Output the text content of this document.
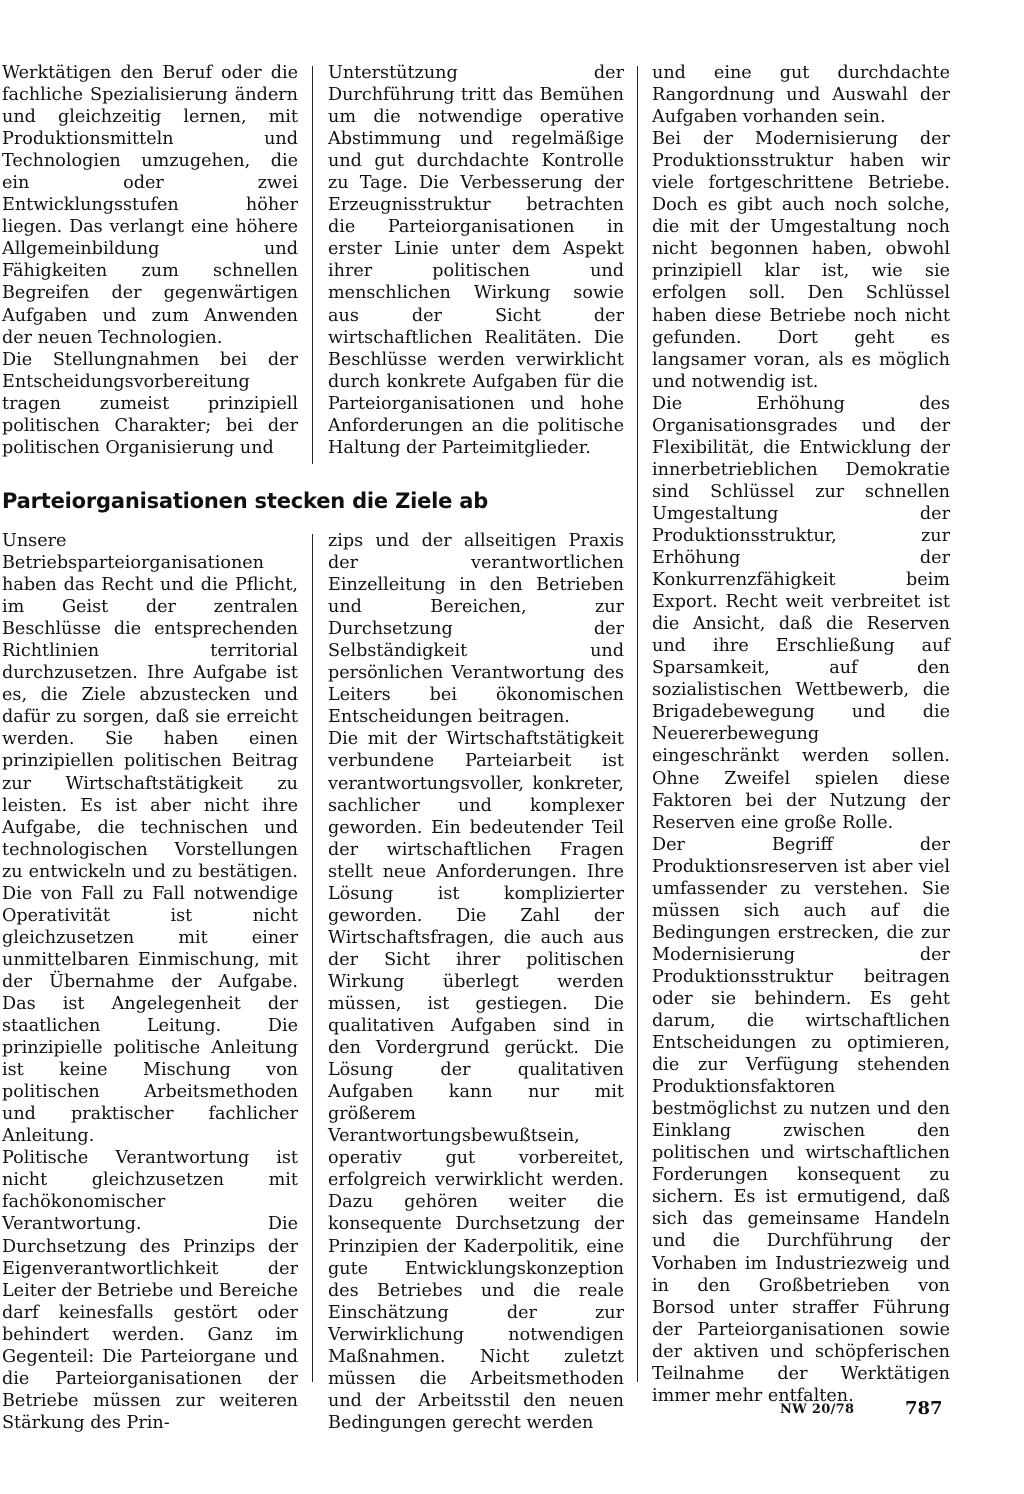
Werktätigen den Beruf oder die fachliche Spezialisierung ändern und gleichzeitig lernen, mit Produktionsmitteln und Technologien umzugehen, die ein oder zwei Entwicklungsstufen höher liegen. Das verlangt eine höhere Allgemeinbildung und Fähigkeiten zum schnellen Begreifen der gegenwärtigen Aufgaben und zum Anwenden der neuen Technologien.

Die Stellungnahmen bei der Entscheidungsvorbereitung tragen zumeist prinzipiell politischen Charakter; bei der politischen Organisierung und

Unterstützung der Durchführung tritt das Bemühen um die notwendige operative Abstimmung und regelmäßige und gut durchdachte Kontrolle zu Tage. Die Verbesserung der Erzeugnisstruktur betrachten die Parteiorganisationen in erster Linie unter dem Aspekt ihrer politischen und menschlichen Wirkung sowie aus der Sicht der wirtschaftlichen Realitäten. Die Beschlüsse werden verwirklicht durch konkrete Aufgaben für die Parteiorganisationen und hohe Anforderungen an die politische Haltung der Parteimitglieder.

Parteiorganisationen stecken die Ziele ab

Unsere Betriebsparteiorganisationen haben das Recht und die Pflicht, im Geist der zentralen Beschlüsse die entsprechenden Richtlinien territorial durchzusetzen. Ihre Aufgabe ist es, die Ziele abzustecken und dafür zu sorgen, daß sie erreicht werden. Sie haben einen prinzipiellen politischen Beitrag zur Wirtschaftstätigkeit zu leisten. Es ist aber nicht ihre Aufgabe, die technischen und technologischen Vorstellungen zu entwickeln und zu bestätigen. Die von Fall zu Fall notwendige Operativität ist nicht gleichzusetzen mit einer unmittelbaren Einmischung, mit der Übernahme der Aufgabe. Das ist Angelegenheit der staatlichen Leitung. Die prinzipielle politische Anleitung ist keine Mischung von politischen Arbeitsmethoden und praktischer fachlicher Anleitung.

Politische Verantwortung ist nicht gleichzusetzen mit fachökonomischer Verantwortung. Die Durchsetzung des Prinzips der Eigenverantwortlichkeit der Leiter der Betriebe und Bereiche darf keinesfalls gestört oder behindert werden. Ganz im Gegenteil: Die Parteiorgane und die Parteiorganisationen der Betriebe müssen zur weiteren Stärkung des Prin-

zips und der allseitigen Praxis der verantwortlichen Einzelleitung in den Betrieben und Bereichen, zur Durchsetzung der Selbständigkeit und persönlichen Verantwortung des Leiters bei ökonomischen Entscheidungen beitragen.

Die mit der Wirtschaftstätigkeit verbundene Parteiarbeit ist verantwortungsvoller, konkreter, sachlicher und komplexer geworden. Ein bedeutender Teil der wirtschaftlichen Fragen stellt neue Anforderungen. Ihre Lösung ist komplizierter geworden. Die Zahl der Wirtschaftsfragen, die auch aus der Sicht ihrer politischen Wirkung überlegt werden müssen, ist gestiegen. Die qualitativen Aufgaben sind in den Vordergrund gerückt. Die Lösung der qualitativen Aufgaben kann nur mit größerem Verantwortungsbewußtsein, operativ gut vorbereitet, erfolgreich verwirklicht werden. Dazu gehören weiter die konsequente Durchsetzung der Prinzipien der Kaderpolitik, eine gute Entwicklungskonzeption des Betriebes und die reale Einschätzung der zur Verwirklichung notwendigen Maßnahmen. Nicht zuletzt müssen die Arbeitsmethoden und der Arbeitsstil den neuen Bedingungen gerecht werden

und eine gut durchdachte Rangordnung und Auswahl der Aufgaben vorhanden sein.

Bei der Modernisierung der Produktionsstruktur haben wir viele fortgeschrittene Betriebe. Doch es gibt auch noch solche, die mit der Umgestaltung noch nicht begonnen haben, obwohl prinzipiell klar ist, wie sie erfolgen soll. Den Schlüssel haben diese Betriebe noch nicht gefunden. Dort geht es langsamer voran, als es möglich und notwendig ist.

Die Erhöhung des Organisationsgrades und der Flexibilität, die Entwicklung der innerbetrieblichen Demokratie sind Schlüssel zur schnellen Umgestaltung der Produktionsstruktur, zur Erhöhung der Konkurrenzfähigkeit beim Export. Recht weit verbreitet ist die Ansicht, daß die Reserven und ihre Erschließung auf Sparsamkeit, auf den sozialistischen Wettbewerb, die Brigadebewegung und die Neuererbewegung eingeschränkt werden sollen. Ohne Zweifel spielen diese Faktoren bei der Nutzung der Reserven eine große Rolle.

Der Begriff der Produktionsreserven ist aber viel umfassender zu verstehen. Sie müssen sich auch auf die Bedingungen erstrecken, die zur Modernisierung der Produktionsstruktur beitragen oder sie behindern. Es geht darum, die wirtschaftlichen Entscheidungen zu optimieren, die zur Verfügung stehenden Produktionsfaktoren bestmöglichst zu nutzen und den Einklang zwischen den politischen und wirtschaftlichen Forderungen konsequent zu sichern. Es ist ermutigend, daß sich das gemeinsame Handeln und die Durchführung der Vorhaben im Industriezweig und in den Großbetrieben von Borsod unter straffer Führung der Parteiorganisationen sowie der aktiven und schöpferischen Teilnahme der Werktätigen immer mehr entfalten.

NW 20/78	787
